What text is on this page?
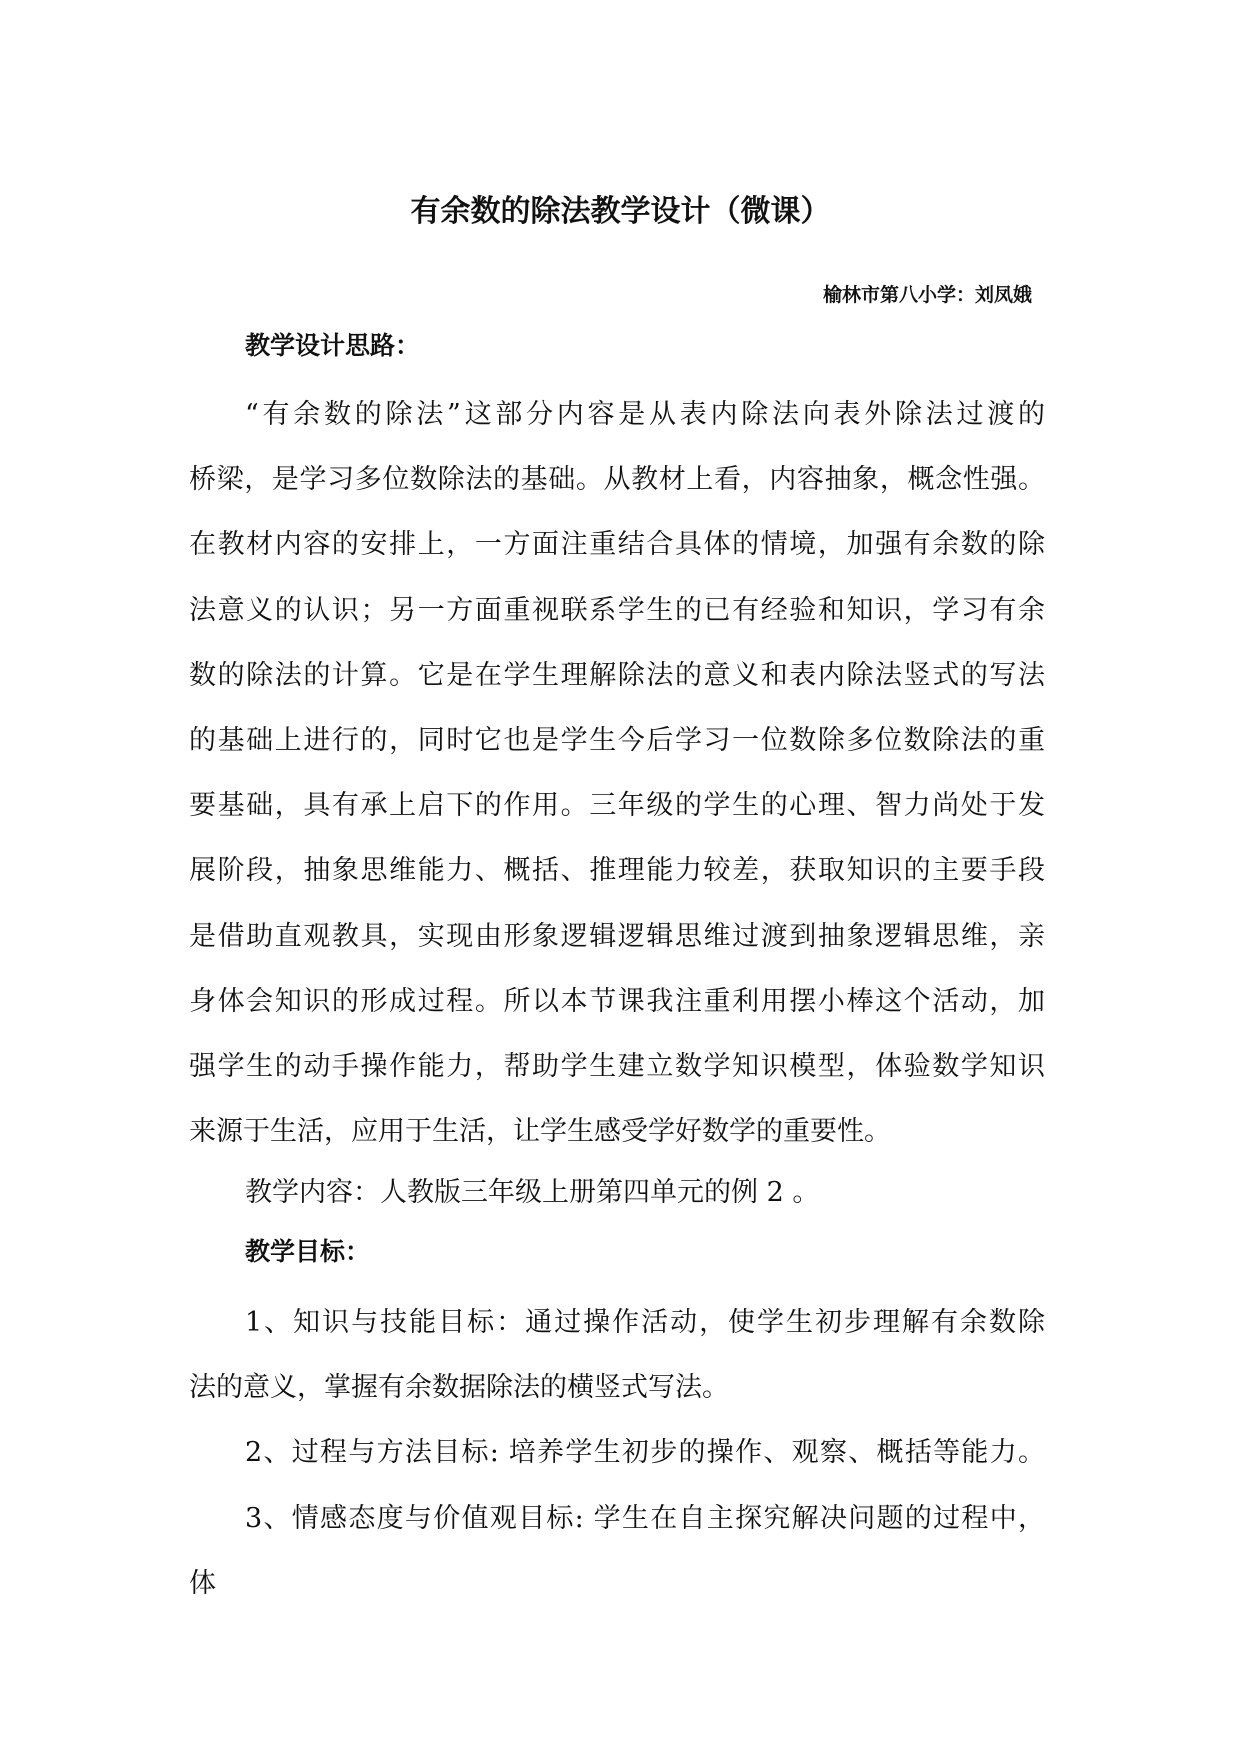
有余数的除法教学设计（微课）
榆林市第八小学：刘凤娥
教学设计思路：
“有余数的除法”这部分内容是从表内除法向表外除法过渡的
桥梁，是学习多位数除法的基础。从教材上看，内容抽象，概念性强。
在教材内容的安排上，一方面注重结合具体的情境，加强有余数的除
法意义的认识；另一方面重视联系学生的已有经验和知识，学习有余
数的除法的计算。它是在学生理解除法的意义和表内除法竖式的写法
的基础上进行的，同时它也是学生今后学习一位数除多位数除法的重
要基础，具有承上启下的作用。三年级的学生的心理、智力尚处于发
展阶段，抽象思维能力、概括、推理能力较差，获取知识的主要手段
是借助直观教具，实现由形象逻辑逻辑思维过渡到抽象逻辑思维，亲
身体会知识的形成过程。所以本节课我注重利用摆小棒这个活动，加
强学生的动手操作能力，帮助学生建立数学知识模型，体验数学知识
来源于生活，应用于生活，让学生感受学好数学的重要性。
教学内容：人教版三年级上册第四单元的例 2 。
教学目标：
1、知识与技能目标：通过操作活动，使学生初步理解有余数除
法的意义，掌握有余数据除法的横竖式写法。
2、过程与方法目标: 培养学生初步的操作、观察、概括等能力。
3、情感态度与价值观目标: 学生在自主探究解决问题的过程中，
体
